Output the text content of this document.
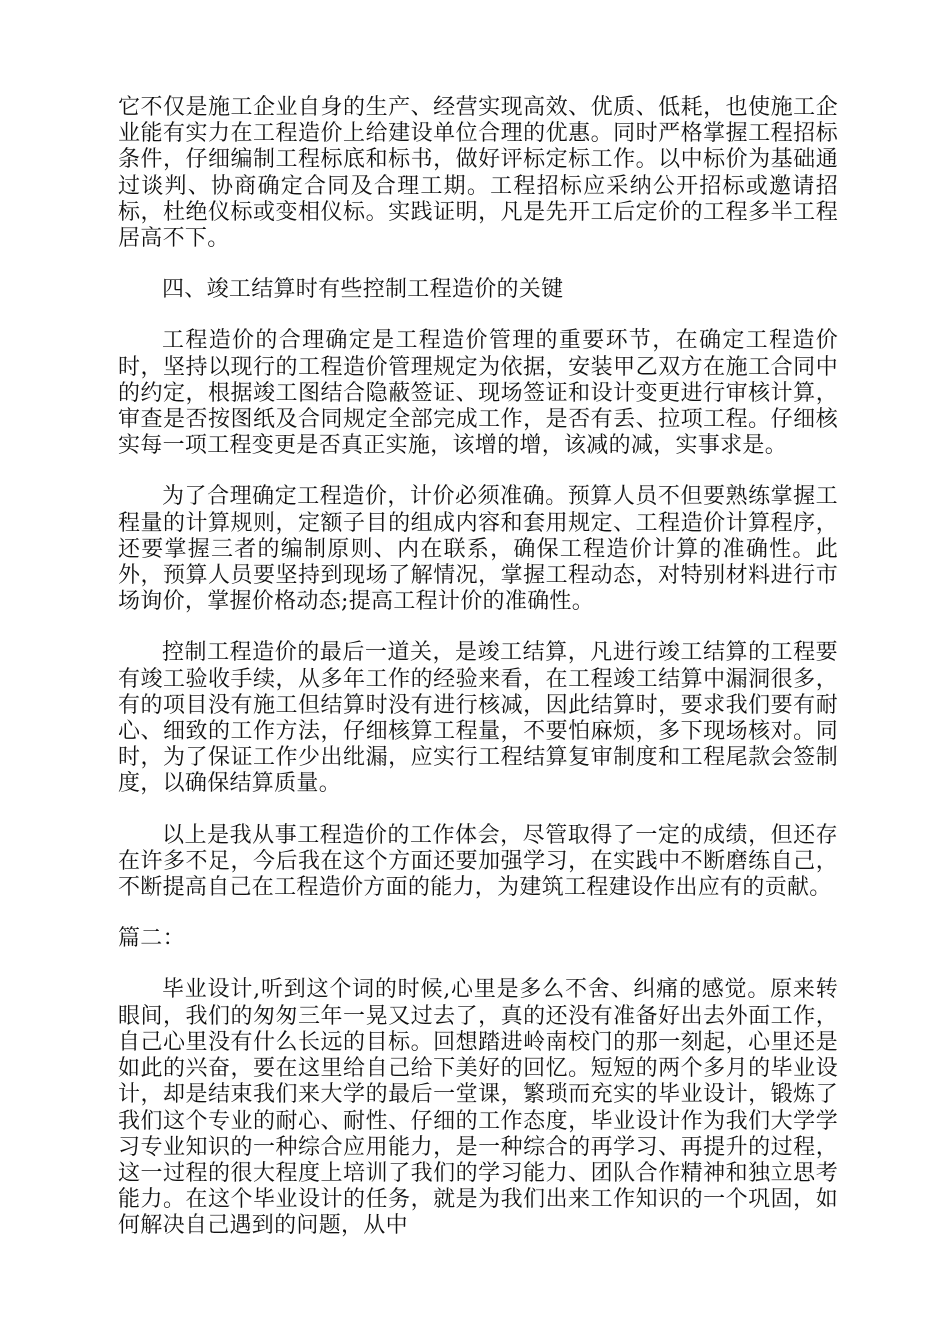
它不仅是施工企业自身的生产、经营实现高效、优质、低耗，也使施工企业能有实力在工程造价上给建设单位合理的优惠。同时严格掌握工程招标条件，仔细编制工程标底和标书，做好评标定标工作。以中标价为基础通过谈判、协商确定合同及合理工期。工程招标应采纳公开招标或邀请招标，杜绝仪标或变相仪标。实践证明，凡是先开工后定价的工程多半工程居高不下。

四、竣工结算时有些控制工程造价的关键

工程造价的合理确定是工程造价管理的重要环节，在确定工程造价时，坚持以现行的工程造价管理规定为依据，安装甲乙双方在施工合同中的约定，根据竣工图结合隐蔽签证、现场签证和设计变更进行审核计算，审查是否按图纸及合同规定全部完成工作，是否有丢、拉项工程。仔细核实每一项工程变更是否真正实施，该增的增，该减的减，实事求是。

为了合理确定工程造价，计价必须准确。预算人员不但要熟练掌握工程量的计算规则，定额子目的组成内容和套用规定、工程造价计算程序，还要掌握三者的编制原则、内在联系，确保工程造价计算的准确性。此外，预算人员要坚持到现场了解情况，掌握工程动态，对特别材料进行市场询价，掌握价格动态;提高工程计价的准确性。

控制工程造价的最后一道关，是竣工结算，凡进行竣工结算的工程要有竣工验收手续，从多年工作的经验来看，在工程竣工结算中漏洞很多，有的项目没有施工但结算时没有进行核减，因此结算时，要求我们要有耐心、细致的工作方法，仔细核算工程量，不要怕麻烦，多下现场核对。同时，为了保证工作少出纰漏，应实行工程结算复审制度和工程尾款会签制度，以确保结算质量。

以上是我从事工程造价的工作体会，尽管取得了一定的成绩，但还存在许多不足，今后我在这个方面还要加强学习，在实践中不断磨练自己，不断提高自己在工程造价方面的能力，为建筑工程建设作出应有的贡献。

篇二：

毕业设计,听到这个词的时候,心里是多么不舍、纠痛的感觉。原来转眼间，我们的匆匆三年一晃又过去了，真的还没有准备好出去外面工作，自己心里没有什么长远的目标。回想踏进岭南校门的那一刻起，心里还是如此的兴奋，要在这里给自己给下美好的回忆。短短的两个多月的毕业设计，却是结束我们来大学的最后一堂课，繁琐而充实的毕业设计，锻炼了我们这个专业的耐心、耐性、仔细的工作态度，毕业设计作为我们大学学习专业知识的一种综合应用能力，是一种综合的再学习、再提升的过程，这一过程的很大程度上培训了我们的学习能力、团队合作精神和独立思考能力。在这个毕业设计的任务，就是为我们出来工作知识的一个巩固，如何解决自己遇到的问题，从中
